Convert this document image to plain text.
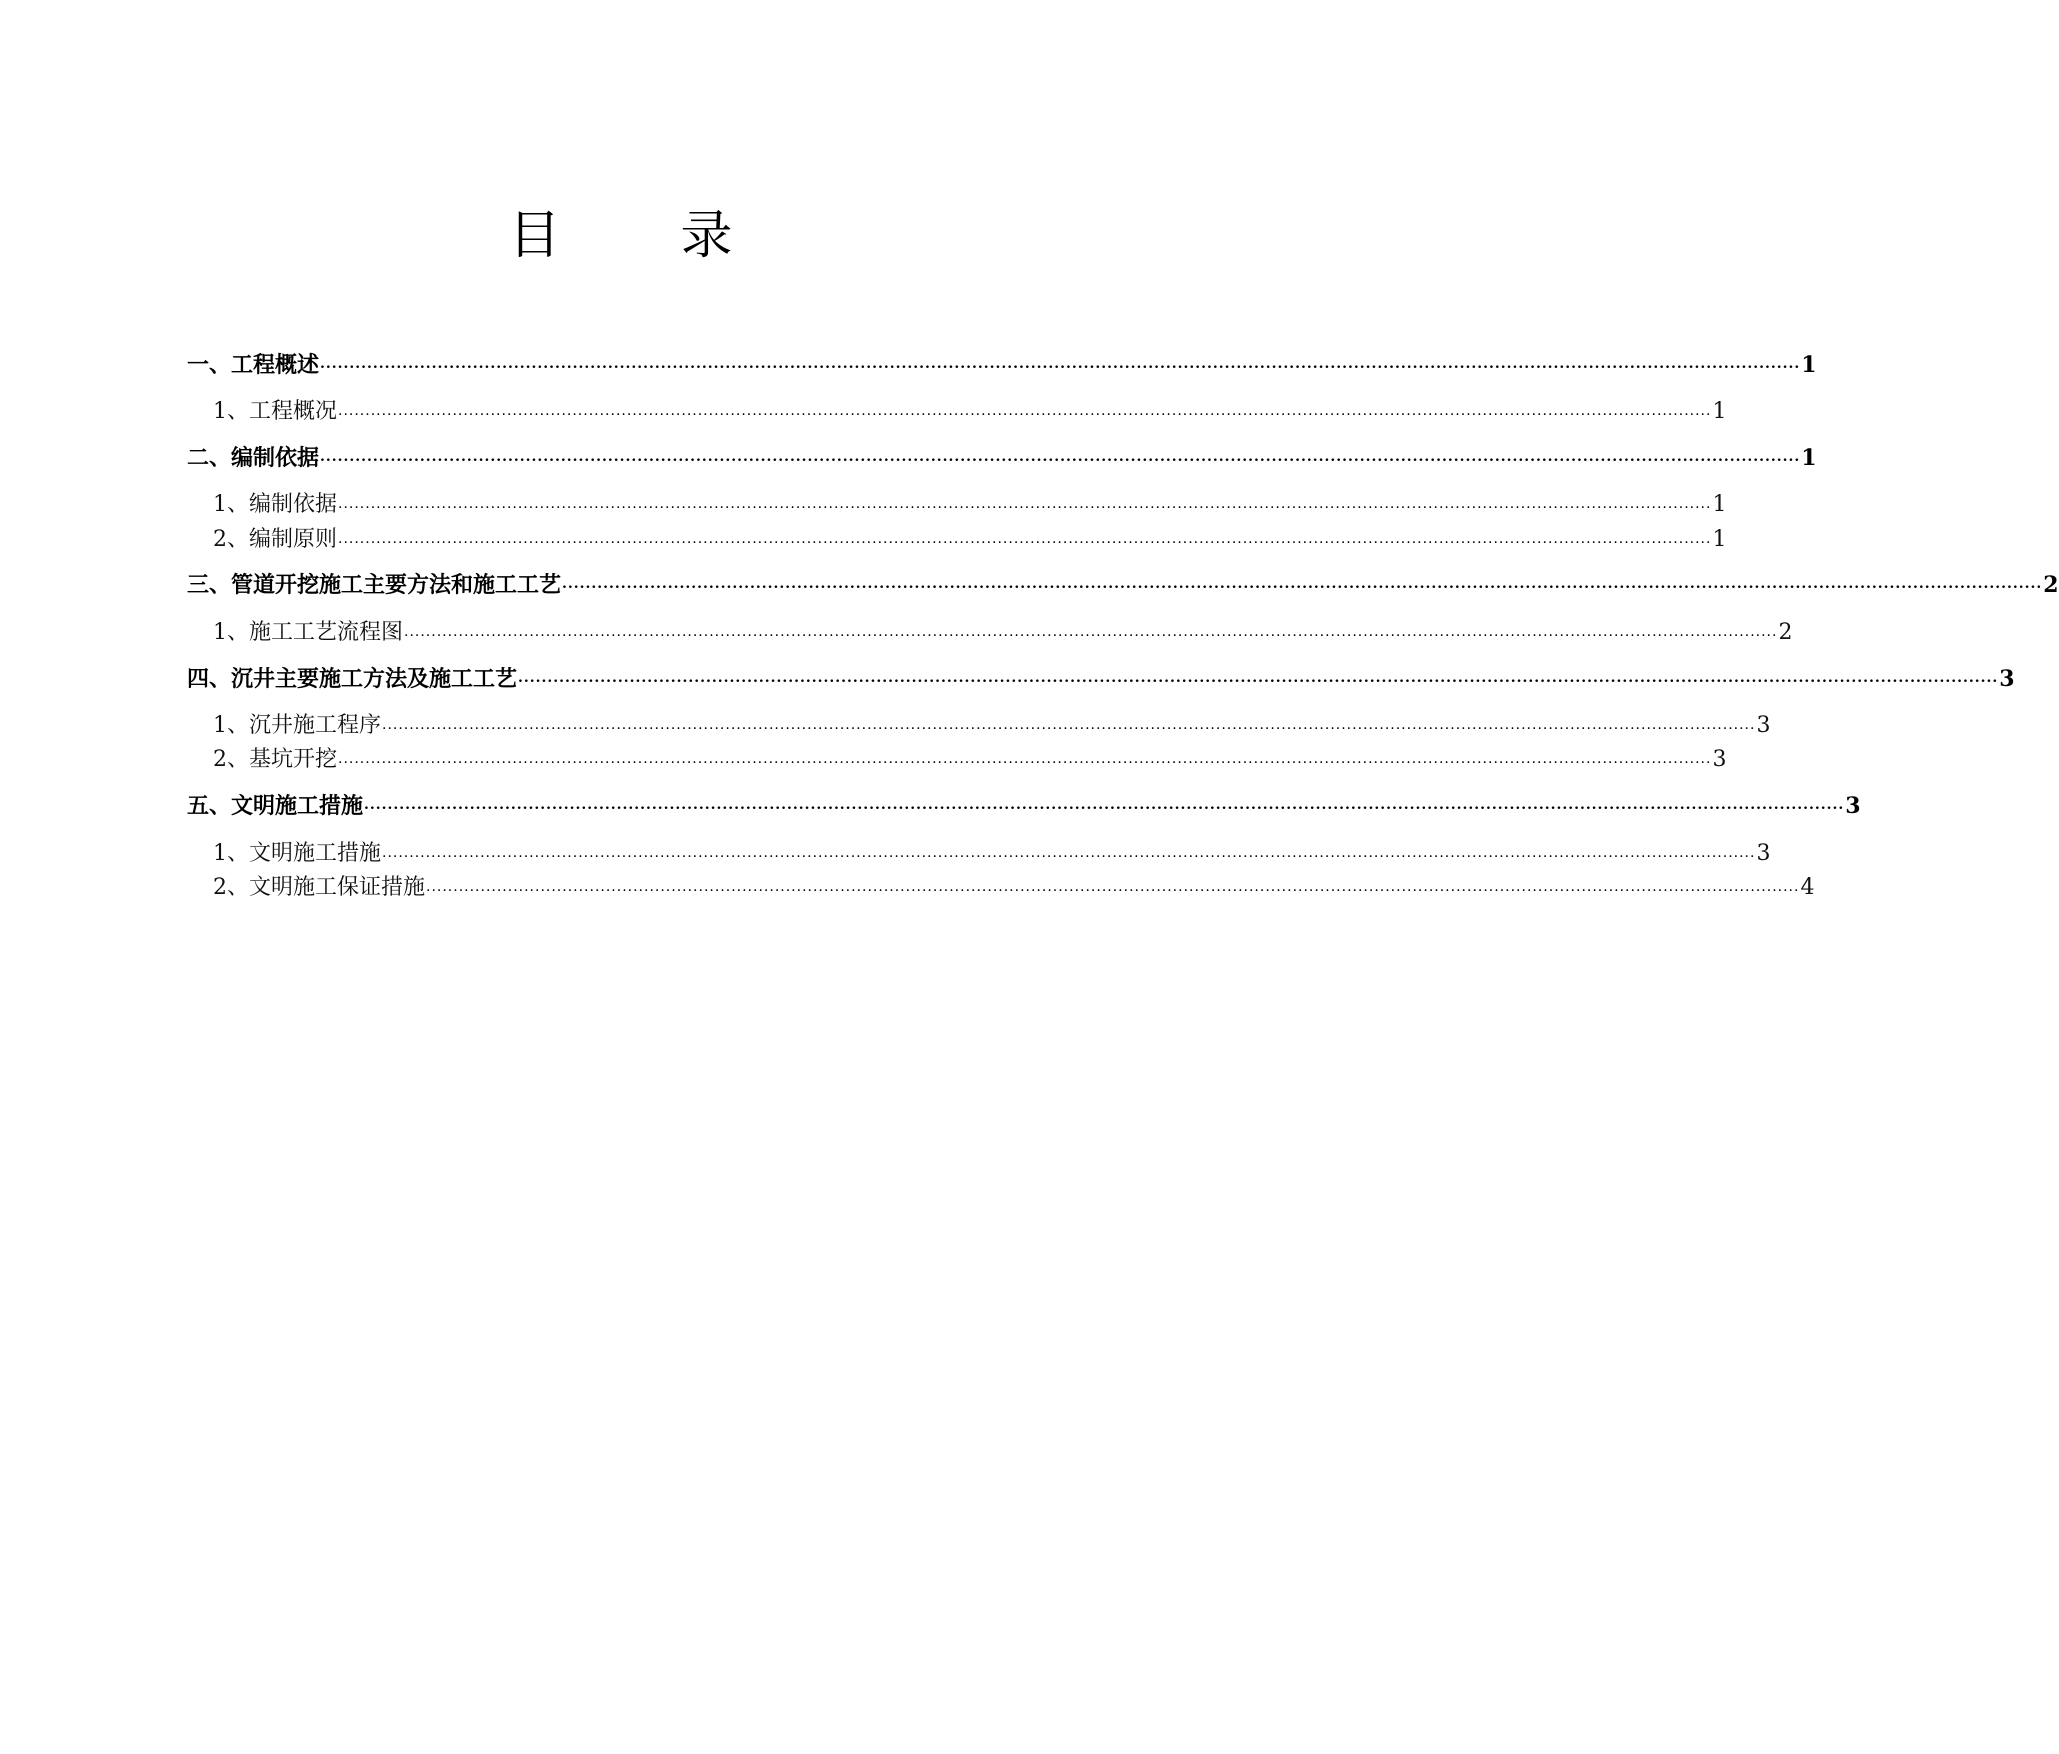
目 录
一、工程概述 ............................................................................................................................................................................................................................................................ 1
1、工程概况 ............................................................................................................................................................................................................................................................ 1
二、编制依据 ............................................................................................................................................................................................................................................................ 1
1、编制依据 ............................................................................................................................................................................................................................................................ 1
2、编制原则 ............................................................................................................................................................................................................................................................ 1
三、管道开挖施工主要方法和施工工艺 ............................................................................................................................................................................................................................................................ 2
1、施工工艺流程图 ............................................................................................................................................................................................................................................................ 2
四、沉井主要施工方法及施工工艺 ............................................................................................................................................................................................................................................................ 3
1、沉井施工程序 ............................................................................................................................................................................................................................................................ 3
2、基坑开挖 ............................................................................................................................................................................................................................................................ 3
五、文明施工措施 ............................................................................................................................................................................................................................................................ 3
1、文明施工措施 ............................................................................................................................................................................................................................................................ 3
2、文明施工保证措施 ............................................................................................................................................................................................................................................................ 4
